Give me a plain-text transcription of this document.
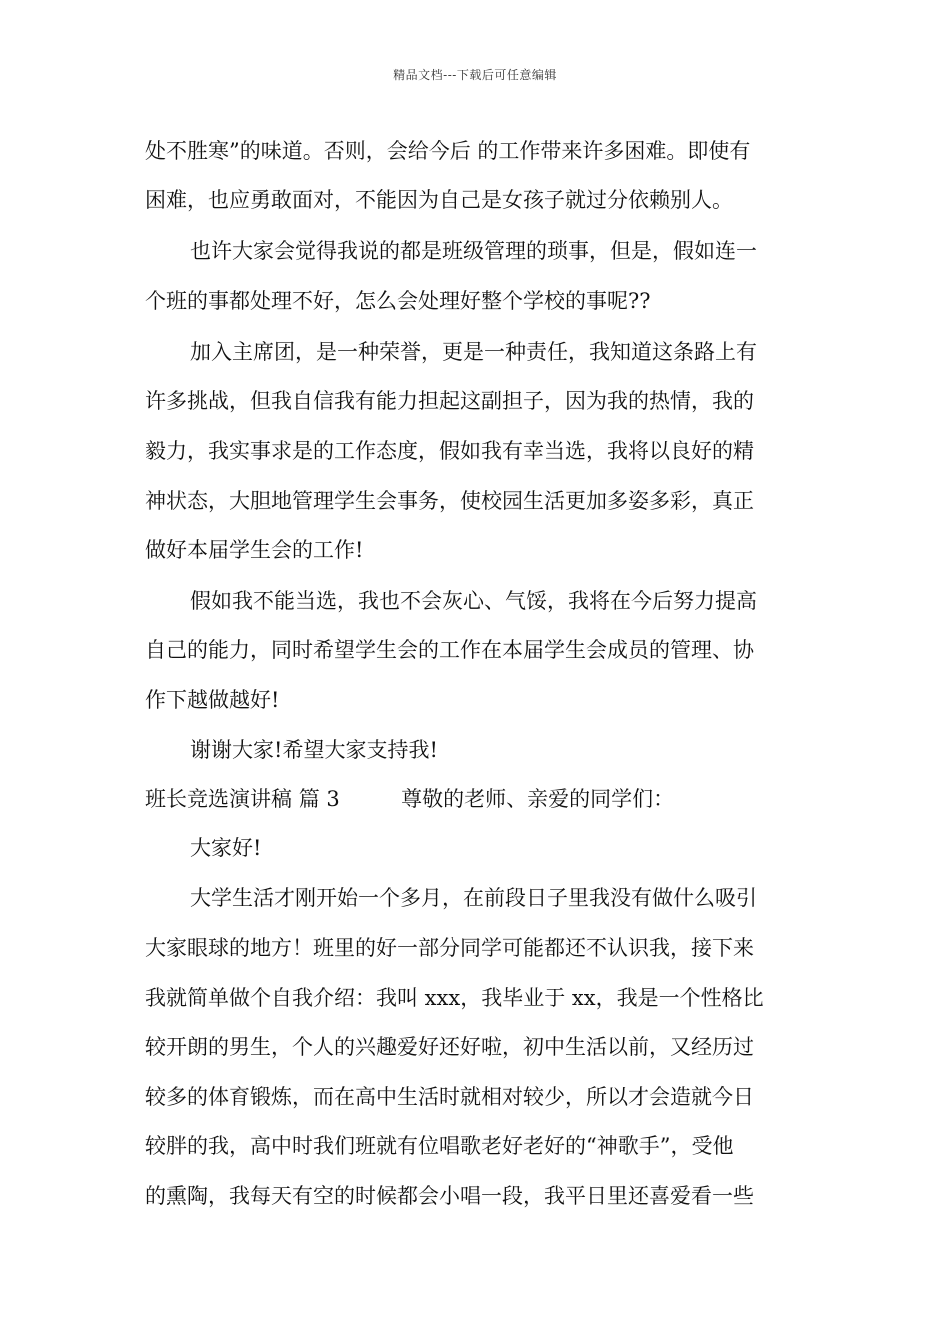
精品文档---下载后可任意编辑
处不胜寒”的味道。否则，会给今后 的工作带来许多困难。即使有
困难，也应勇敢面对，不能因为自己是女孩子就过分依赖别人。
也许大家会觉得我说的都是班级管理的琐事，但是，假如连一
个班的事都处理不好，怎么会处理好整个学校的事呢??
加入主席团，是一种荣誉，更是一种责任，我知道这条路上有
许多挑战，但我自信我有能力担起这副担子，因为我的热情，我的
毅力，我实事求是的工作态度，假如我有幸当选，我将以良好的精
神状态，大胆地管理学生会事务，使校园生活更加多姿多彩，真正
做好本届学生会的工作!
假如我不能当选，我也不会灰心、气馁，我将在今后努力提高
自己的能力，同时希望学生会的工作在本届学生会成员的管理、协
作下越做越好!
谢谢大家!希望大家支持我!
班长竞选演讲稿 篇 3	尊敬的老师、亲爱的同学们：
大家好!
大学生活才刚开始一个多月，在前段日子里我没有做什么吸引
大家眼球的地方！班里的好一部分同学可能都还不认识我，接下来
我就简单做个自我介绍：我叫 xxx，我毕业于 xx，我是一个性格比
较开朗的男生，个人的兴趣爱好还好啦，初中生活以前，又经历过
较多的体育锻炼，而在高中生活时就相对较少，所以才会造就今日
较胖的我，高中时我们班就有位唱歌老好老好的“神歌手”，受他
的熏陶，我每天有空的时候都会小唱一段，我平日里还喜爱看一些
